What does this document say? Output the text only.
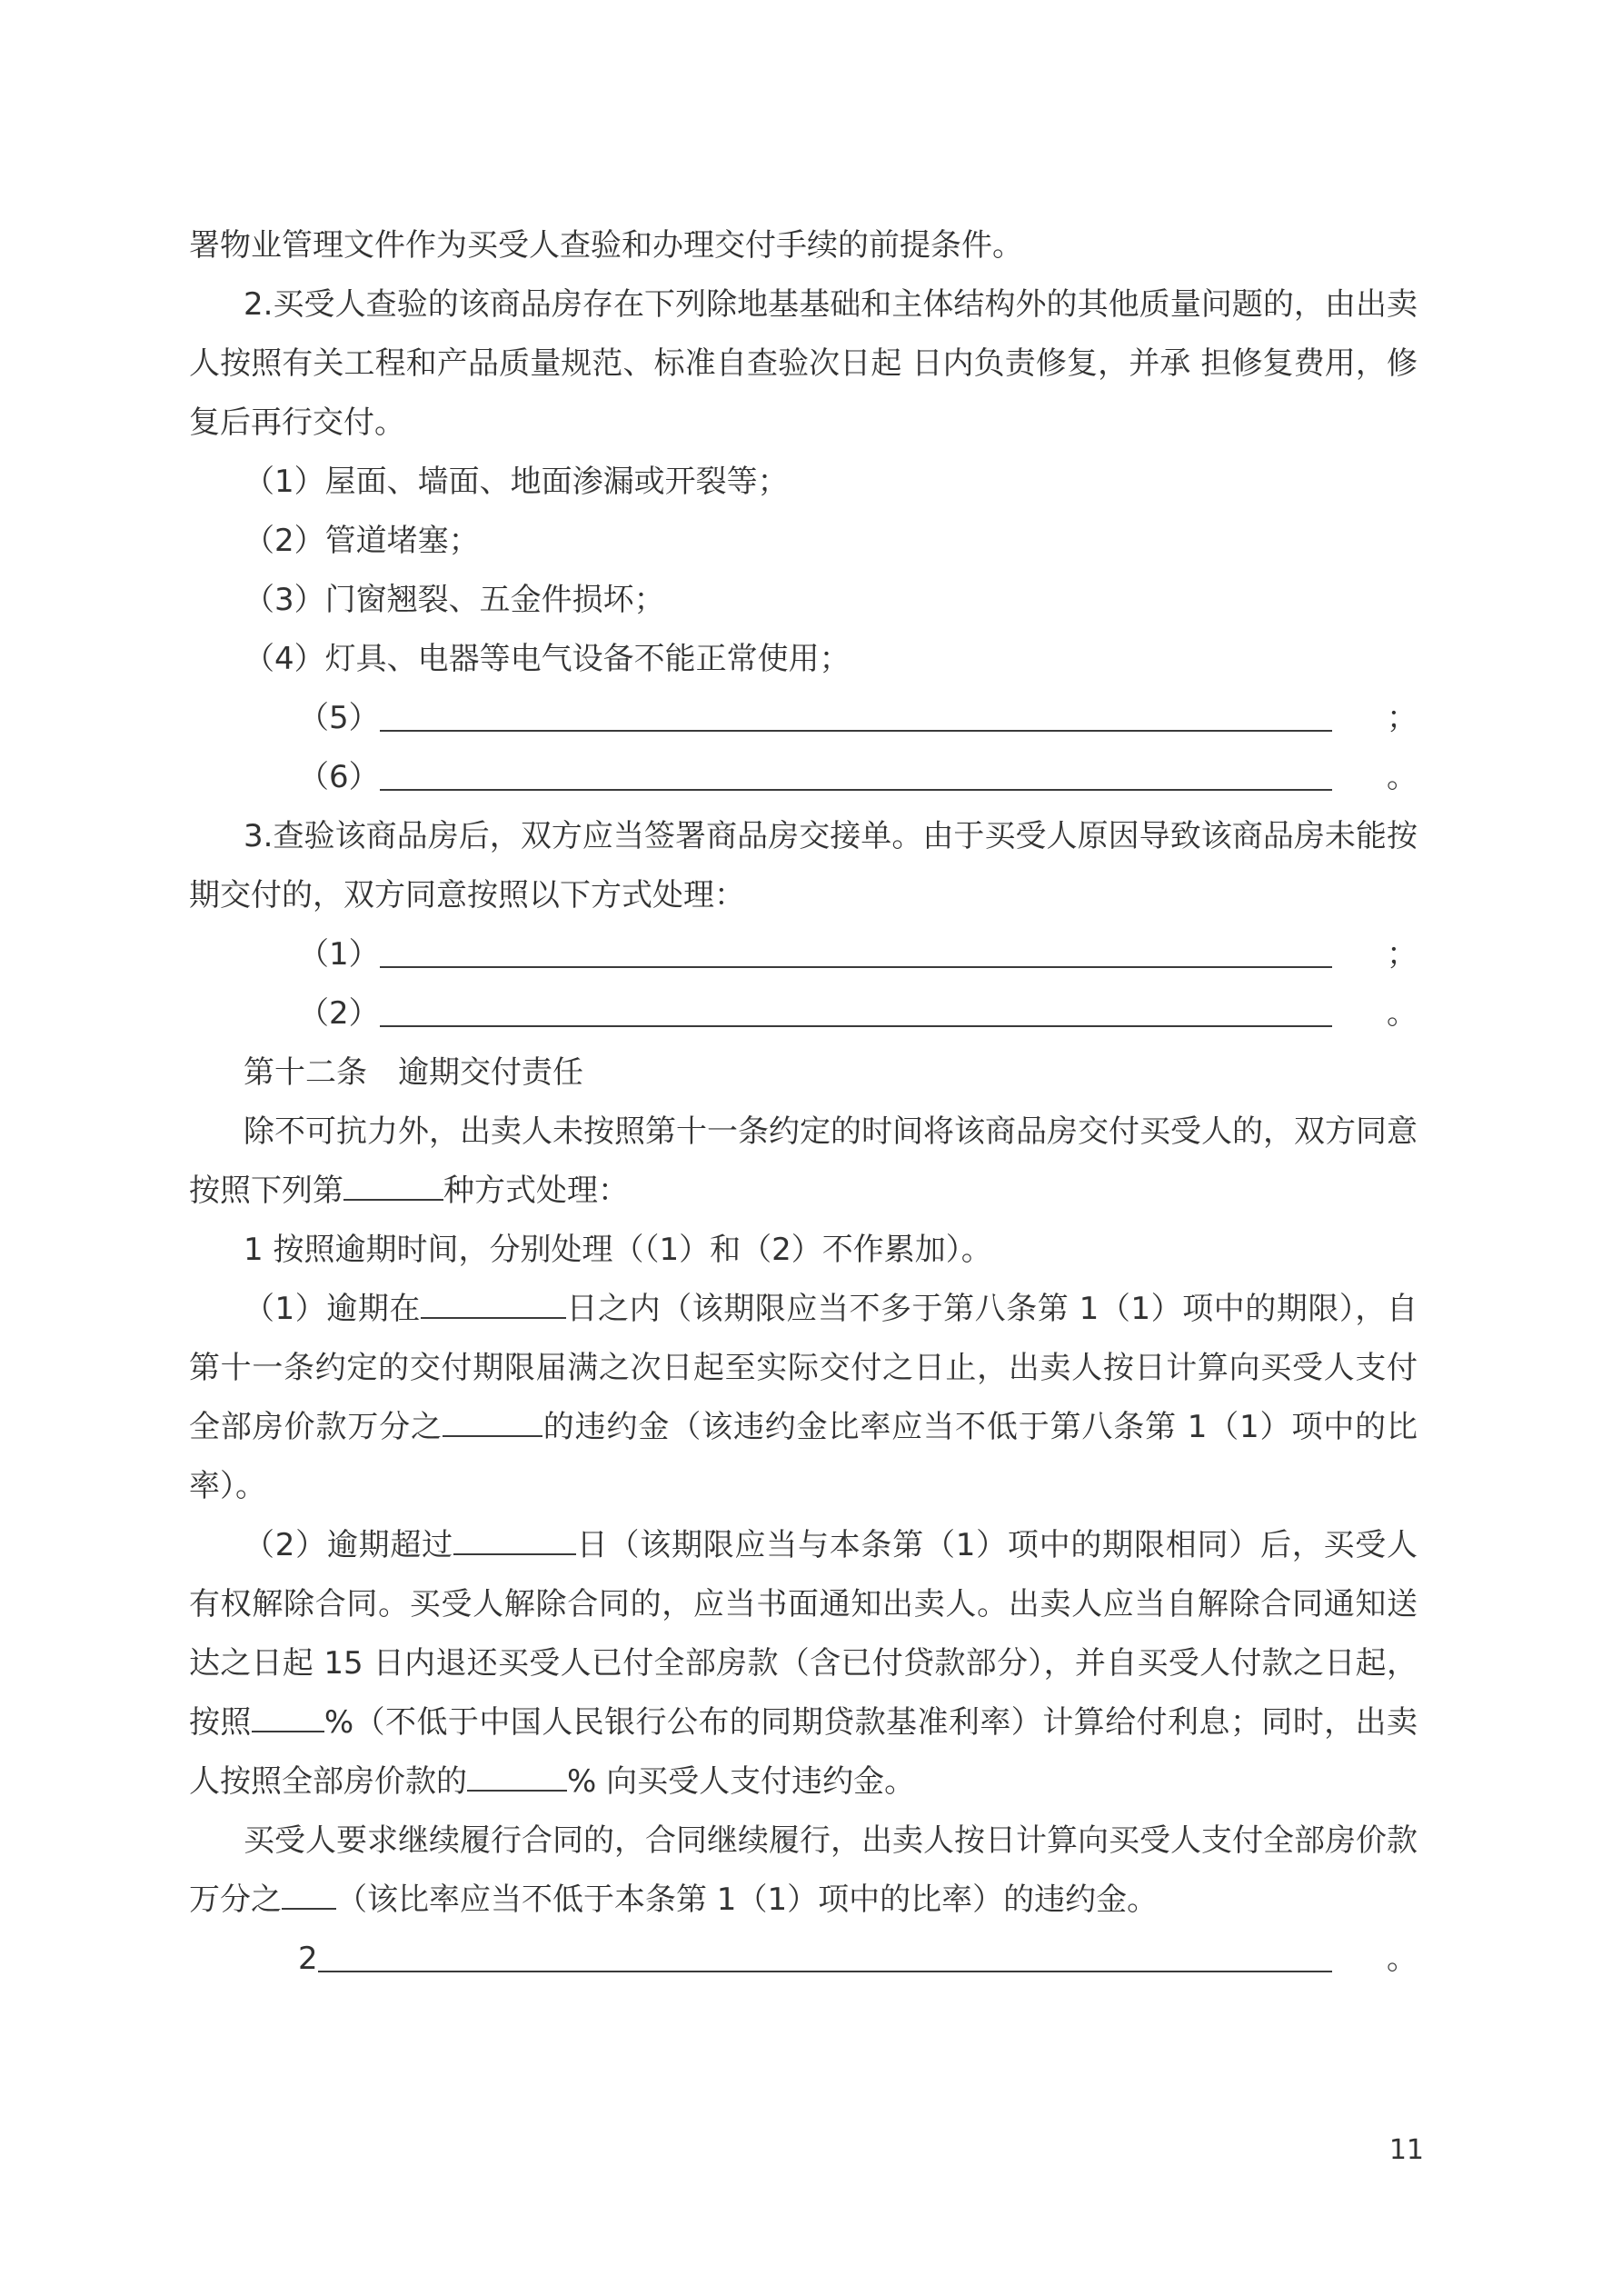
署物业管理文件作为买受人查验和办理交付手续的前提条件。

2.买受人查验的该商品房存在下列除地基基础和主体结构外的其他质量问题的，由出卖人按照有关工程和产品质量规范、标准自查验次日起 日内负责修复，并承 担修复费用，修复后再行交付。

（1）屋面、墙面、地面渗漏或开裂等；

（2）管道堵塞；

（3）门窗翘裂、五金件损坏；

（4）灯具、电器等电气设备不能正常使用；

（5）	；

（6）	。

3.查验该商品房后，双方应当签署商品房交接单。由于买受人原因导致该商品房未能按期交付的，双方同意按照以下方式处理：

（1）	；

（2）	。

第十二条　逾期交付责任

除不可抗力外，出卖人未按照第十一条约定的时间将该商品房交付买受人的，双方同意按照下列第	种方式处理：

1 按照逾期时间，分别处理（（1）和（2）不作累加）。

（1）逾期在	日之内（该期限应当不多于第八条第 1（1）项中的期限），自第十一条约定的交付期限届满之次日起至实际交付之日止，出卖人按日计算向买受人支付全部房价款万分之	的违约金（该违约金比率应当不低于第八条第 1（1）项中的比率）。

（2）逾期超过	日（该期限应当与本条第（1）项中的期限相同）后，买受人有权解除合同。买受人解除合同的，应当书面通知出卖人。出卖人应当自解除合同通知送达之日起 15 日内退还买受人已付全部房款（含已付贷款部分），并自买受人付款之日起，按照 %（不低于中国人民银行公布的同期贷款基准利率）计算给付利息；同时，出卖人按照全部房价款的	% 向买受人支付违约金。

买受人要求继续履行合同的，合同继续履行，出卖人按日计算向买受人支付全部房价款万分之 （该比率应当不低于本条第 1（1）项中的比率）的违约金。

2	。

11
